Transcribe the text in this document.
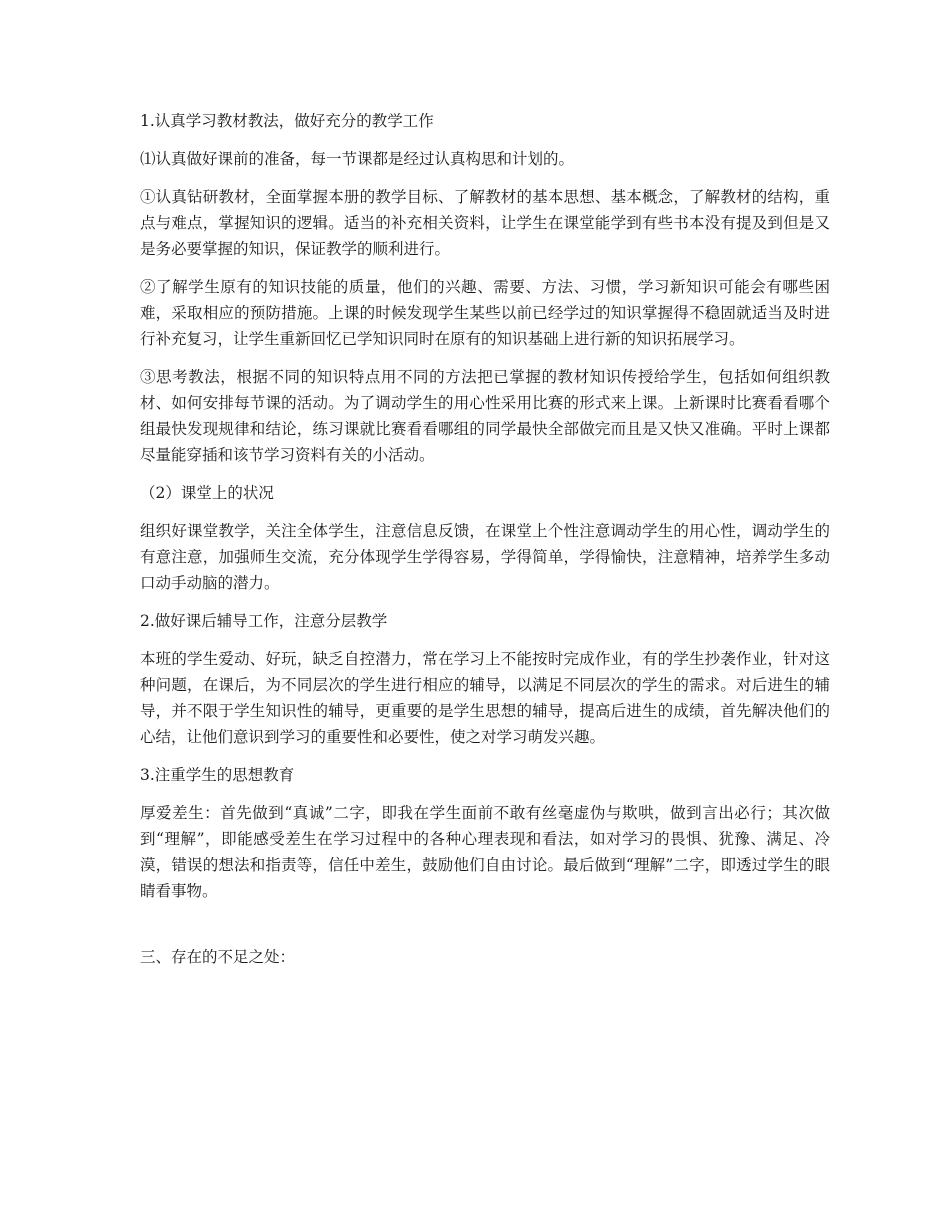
1.认真学习教材教法，做好充分的教学工作

⑴认真做好课前的准备，每一节课都是经过认真构思和计划的。

①认真钻研教材，全面掌握本册的教学目标、了解教材的基本思想、基本概念，了解教材的结构，重点与难点，掌握知识的逻辑。适当的补充相关资料，让学生在课堂能学到有些书本没有提及到但是又是务必要掌握的知识，保证教学的顺利进行。

②了解学生原有的知识技能的质量，他们的兴趣、需要、方法、习惯，学习新知识可能会有哪些困难，采取相应的预防措施。上课的时候发现学生某些以前已经学过的知识掌握得不稳固就适当及时进行补充复习，让学生重新回忆已学知识同时在原有的知识基础上进行新的知识拓展学习。

③思考教法，根据不同的知识特点用不同的方法把已掌握的教材知识传授给学生，包括如何组织教材、如何安排每节课的活动。为了调动学生的用心性采用比赛的形式来上课。上新课时比赛看看哪个组最快发现规律和结论，练习课就比赛看看哪组的同学最快全部做完而且是又快又准确。平时上课都尽量能穿插和该节学习资料有关的小活动。

（2）课堂上的状况

组织好课堂教学，关注全体学生，注意信息反馈，在课堂上个性注意调动学生的用心性，调动学生的有意注意，加强师生交流，充分体现学生学得容易，学得简单，学得愉快，注意精神，培养学生多动口动手动脑的潜力。

2.做好课后辅导工作，注意分层教学

本班的学生爱动、好玩，缺乏自控潜力，常在学习上不能按时完成作业，有的学生抄袭作业，针对这种问题，在课后，为不同层次的学生进行相应的辅导，以满足不同层次的学生的需求。对后进生的辅导，并不限于学生知识性的辅导，更重要的是学生思想的辅导，提高后进生的成绩，首先解决他们的心结，让他们意识到学习的重要性和必要性，使之对学习萌发兴趣。

3.注重学生的思想教育

厚爱差生：首先做到“真诚”二字，即我在学生面前不敢有丝毫虚伪与欺哄，做到言出必行；其次做到“理解”，即能感受差生在学习过程中的各种心理表现和看法，如对学习的畏惧、犹豫、满足、冷漠，错误的想法和指责等，信任中差生，鼓励他们自由讨论。最后做到“理解”二字，即透过学生的眼睛看事物。

三、存在的不足之处：
